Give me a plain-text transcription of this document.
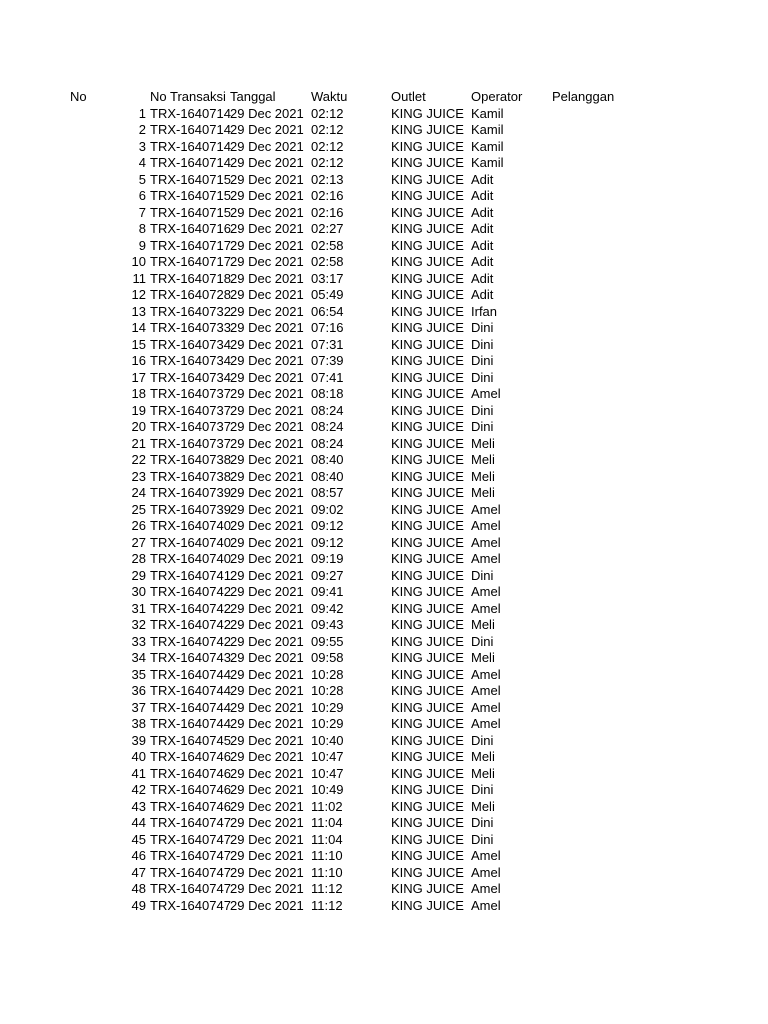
No	No Transaksi Tanggal	Waktu	Outlet	Operator Pelanggan
1 TRX-1640714 29 Dec 2021 02:12	KING JUICE Kamil
2 TRX-1640714 29 Dec 2021 02:12	KING JUICE Kamil
3 TRX-1640714 29 Dec 2021 02:12	KING JUICE Kamil
4 TRX-1640714 29 Dec 2021 02:12	KING JUICE Kamil
5 TRX-1640715 29 Dec 2021 02:13	KING JUICE Adit
6 TRX-1640715 29 Dec 2021 02:16	KING JUICE Adit
7 TRX-1640715 29 Dec 2021 02:16	KING JUICE Adit
8 TRX-1640716 29 Dec 2021 02:27	KING JUICE Adit
9 TRX-1640717 29 Dec 2021 02:58	KING JUICE Adit
10 TRX-1640717 29 Dec 2021 02:58	KING JUICE Adit
11 TRX-1640718 29 Dec 2021 03:17	KING JUICE Adit
12 TRX-1640728 29 Dec 2021 05:49	KING JUICE Adit
13 TRX-1640732 29 Dec 2021 06:54	KING JUICE Irfan
14 TRX-1640733 29 Dec 2021 07:16	KING JUICE Dini
15 TRX-1640734 29 Dec 2021 07:31	KING JUICE Dini
16 TRX-1640734 29 Dec 2021 07:39	KING JUICE Dini
17 TRX-1640734 29 Dec 2021 07:41	KING JUICE Dini
18 TRX-1640737 29 Dec 2021 08:18	KING JUICE Amel
19 TRX-1640737 29 Dec 2021 08:24	KING JUICE Dini
20 TRX-1640737 29 Dec 2021 08:24	KING JUICE Dini
21 TRX-1640737 29 Dec 2021 08:24	KING JUICE Meli
22 TRX-1640738 29 Dec 2021 08:40	KING JUICE Meli
23 TRX-1640738 29 Dec 2021 08:40	KING JUICE Meli
24 TRX-1640739 29 Dec 2021 08:57	KING JUICE Meli
25 TRX-1640739 29 Dec 2021 09:02	KING JUICE Amel
26 TRX-1640740 29 Dec 2021 09:12	KING JUICE Amel
27 TRX-1640740 29 Dec 2021 09:12	KING JUICE Amel
28 TRX-1640740 29 Dec 2021 09:19	KING JUICE Amel
29 TRX-1640741 29 Dec 2021 09:27	KING JUICE Dini
30 TRX-1640742 29 Dec 2021 09:41	KING JUICE Amel
31 TRX-1640742 29 Dec 2021 09:42	KING JUICE Amel
32 TRX-1640742 29 Dec 2021 09:43	KING JUICE Meli
33 TRX-1640742 29 Dec 2021 09:55	KING JUICE Dini
34 TRX-1640743 29 Dec 2021 09:58	KING JUICE Meli
35 TRX-1640744 29 Dec 2021 10:28	KING JUICE Amel
36 TRX-1640744 29 Dec 2021 10:28	KING JUICE Amel
37 TRX-1640744 29 Dec 2021 10:29	KING JUICE Amel
38 TRX-1640744 29 Dec 2021 10:29	KING JUICE Amel
39 TRX-1640745 29 Dec 2021 10:40	KING JUICE Dini
40 TRX-1640746 29 Dec 2021 10:47	KING JUICE Meli
41 TRX-1640746 29 Dec 2021 10:47	KING JUICE Meli
42 TRX-1640746 29 Dec 2021 10:49	KING JUICE Dini
43 TRX-1640746 29 Dec 2021 11:02	KING JUICE Meli
44 TRX-1640747 29 Dec 2021 11:04	KING JUICE Dini
45 TRX-1640747 29 Dec 2021 11:04	KING JUICE Dini
46 TRX-1640747 29 Dec 2021 11:10	KING JUICE Amel
47 TRX-1640747 29 Dec 2021 11:10	KING JUICE Amel
48 TRX-1640747 29 Dec 2021 11:12	KING JUICE Amel
49 TRX-1640747 29 Dec 2021 11:12	KING JUICE Amel
